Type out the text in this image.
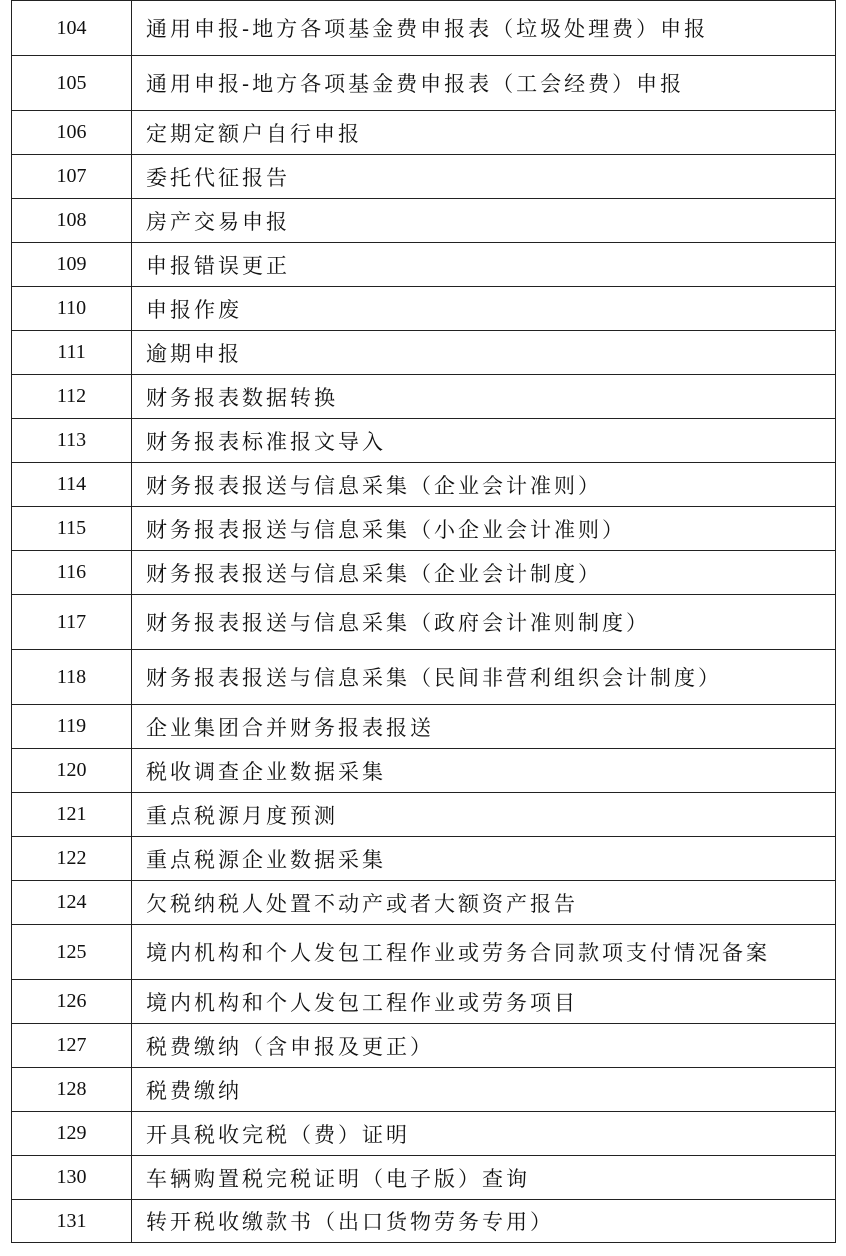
104	通用申报-地方各项基金费申报表（垃圾处理费）申报
105	通用申报-地方各项基金费申报表（工会经费）申报
106	定期定额户自行申报
107	委托代征报告
108	房产交易申报
109	申报错误更正
110	申报作废
111	逾期申报
112	财务报表数据转换
113	财务报表标准报文导入
114	财务报表报送与信息采集（企业会计准则）
115	财务报表报送与信息采集（小企业会计准则）
116	财务报表报送与信息采集（企业会计制度）
117	财务报表报送与信息采集（政府会计准则制度）
118	财务报表报送与信息采集（民间非营利组织会计制度）
119	企业集团合并财务报表报送
120	税收调查企业数据采集
121	重点税源月度预测
122	重点税源企业数据采集
124	欠税纳税人处置不动产或者大额资产报告
125	境内机构和个人发包工程作业或劳务合同款项支付情况备案
126	境内机构和个人发包工程作业或劳务项目
127	税费缴纳（含申报及更正）
128	税费缴纳
129	开具税收完税（费）证明
130	车辆购置税完税证明（电子版）查询
131	转开税收缴款书（出口货物劳务专用）
